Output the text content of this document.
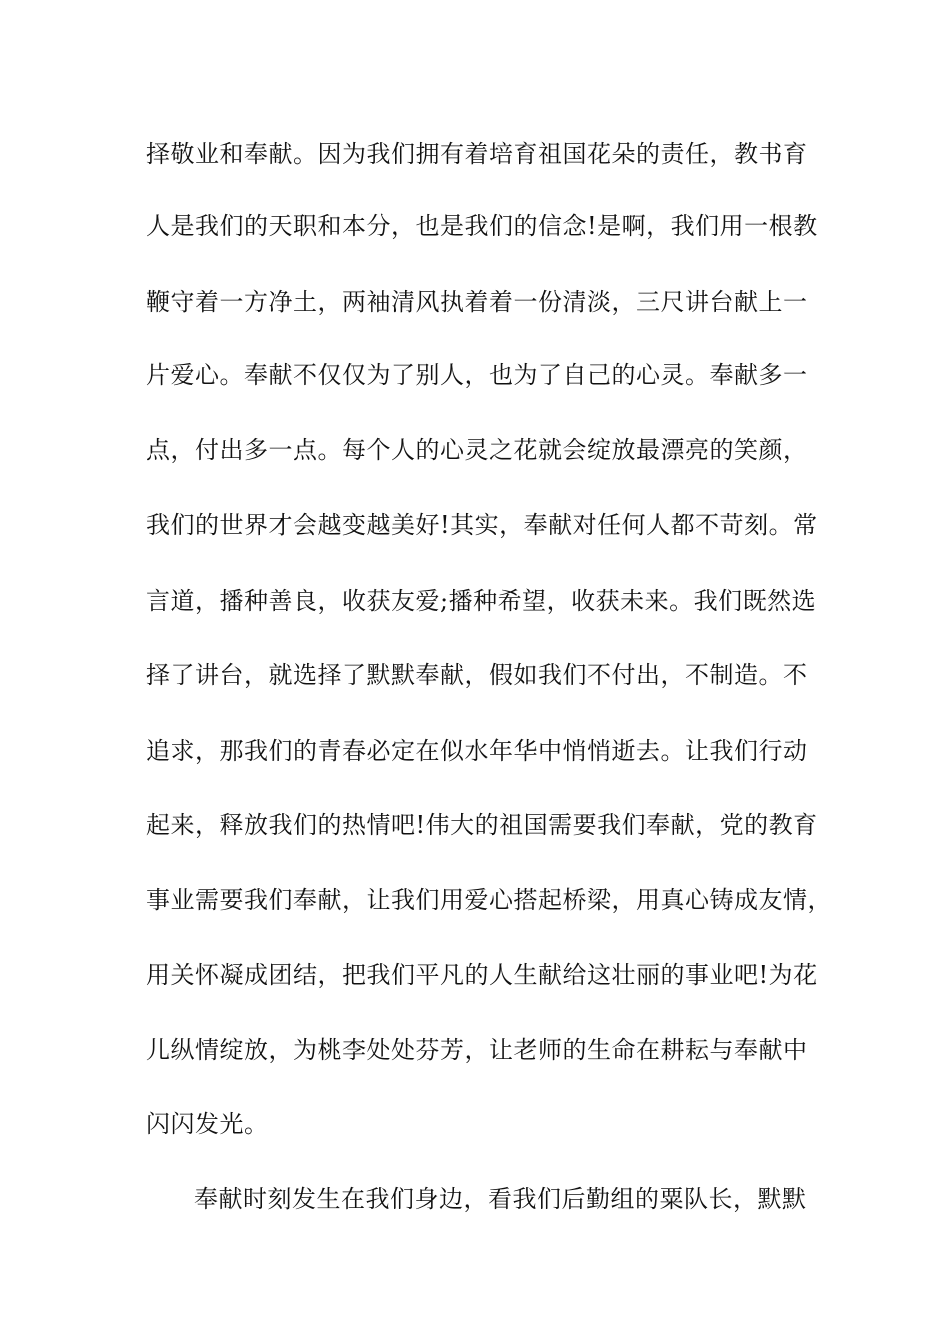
择敬业和奉献。因为我们拥有着培育祖国花朵的责任，教书育
人是我们的天职和本分，也是我们的信念!是啊，我们用一根教
鞭守着一方净土，两袖清风执着着一份清淡，三尺讲台献上一
片爱心。奉献不仅仅为了别人，也为了自己的心灵。奉献多一
点，付出多一点。每个人的心灵之花就会绽放最漂亮的笑颜，
我们的世界才会越变越美好!其实，奉献对任何人都不苛刻。常
言道，播种善良，收获友爱;播种希望，收获未来。我们既然选
择了讲台，就选择了默默奉献，假如我们不付出，不制造。不
追求，那我们的青春必定在似水年华中悄悄逝去。让我们行动
起来，释放我们的热情吧!伟大的祖国需要我们奉献，党的教育
事业需要我们奉献，让我们用爱心搭起桥梁，用真心铸成友情，
用关怀凝成团结，把我们平凡的人生献给这壮丽的事业吧!为花
儿纵情绽放，为桃李处处芬芳，让老师的生命在耕耘与奉献中
闪闪发光。
奉献时刻发生在我们身边，看我们后勤组的粟队长，默默
